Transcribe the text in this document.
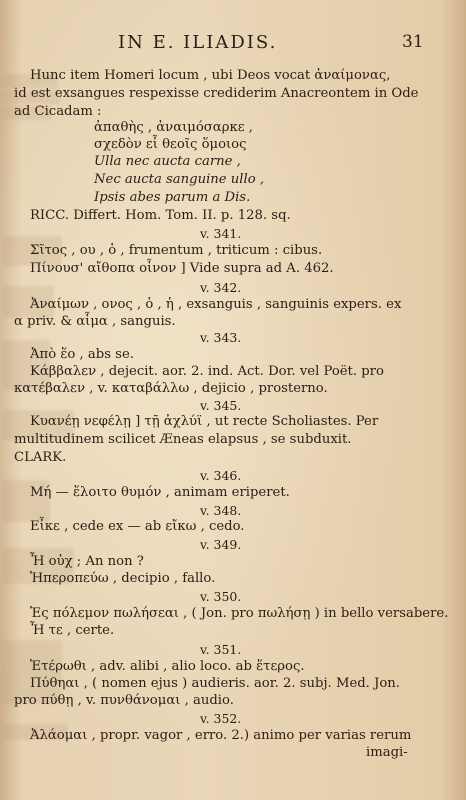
IN E. ILIADIS.	31
Hunc item Homeri locum , ubi Deos vocat ἀναίμονας,
id est exsangues respexisse crediderim Anacreontem in Ode
ad Cicadam :
ἀπαθὴς , ἀναιμόσαρκε ,
σχεδὸν εἶ θεοῖς ὅμοιος
Ulla nec aucta carne ,
Nec aucta sanguine ullo ,
Ipsis abes parum a Dis.
RICC. Differt. Hom. Tom. II. p. 128. sq.
v. 341.
Σῖτος , ου , ὁ , frumentum , triticum : cibus.
Πίνουσ' αἴθοπα οἶνον ] Vide supra ad A. 462.
v. 342.
Ἀναίμων , ονος , ὁ , ἡ , exsanguis , sanguinis expers. ex
α priv. & αἷμα , sanguis.
v. 343.
Ἀπὸ ἕο , abs se.
Κάββαλεν , dejecit. aor. 2. ind. Act. Dor. vel Poët. pro
κατέβαλεν , v. καταβάλλω , dejicio , prosterno.
v. 345.
Κυανέῃ νεφέλῃ ] τῇ ἀχλύϊ , ut recte Scholiastes. Per
multitudinem scilicet Æneas elapsus , se subduxit.
CLARK.
v. 346.
Μή — ἕλοιτο θυμόν , animam eriperet.
v. 348.
Εἶκε , cede ex — ab εἴκω , cedo.
v. 349.
Ἦ οὐχ ; An non ?
Ἠπεροπεύω , decipio , fallo.
v. 350.
Ἐς πόλεμον πωλήσεαι , ( Jon. pro πωλήσῃ ) in bello versabere.
Ἦ τε , certe.
v. 351.
Ἑτέρωθι , adv. alibi , alio loco. ab ἕτερος.
Πύθηαι , ( nomen ejus ) audieris. aor. 2. subj. Med. Jon.
pro πύθῃ , v. πυνθάνομαι , audio.
v. 352.
Ἀλάομαι , propr. vagor , erro. 2.) animo per varias rerum
imagi-
